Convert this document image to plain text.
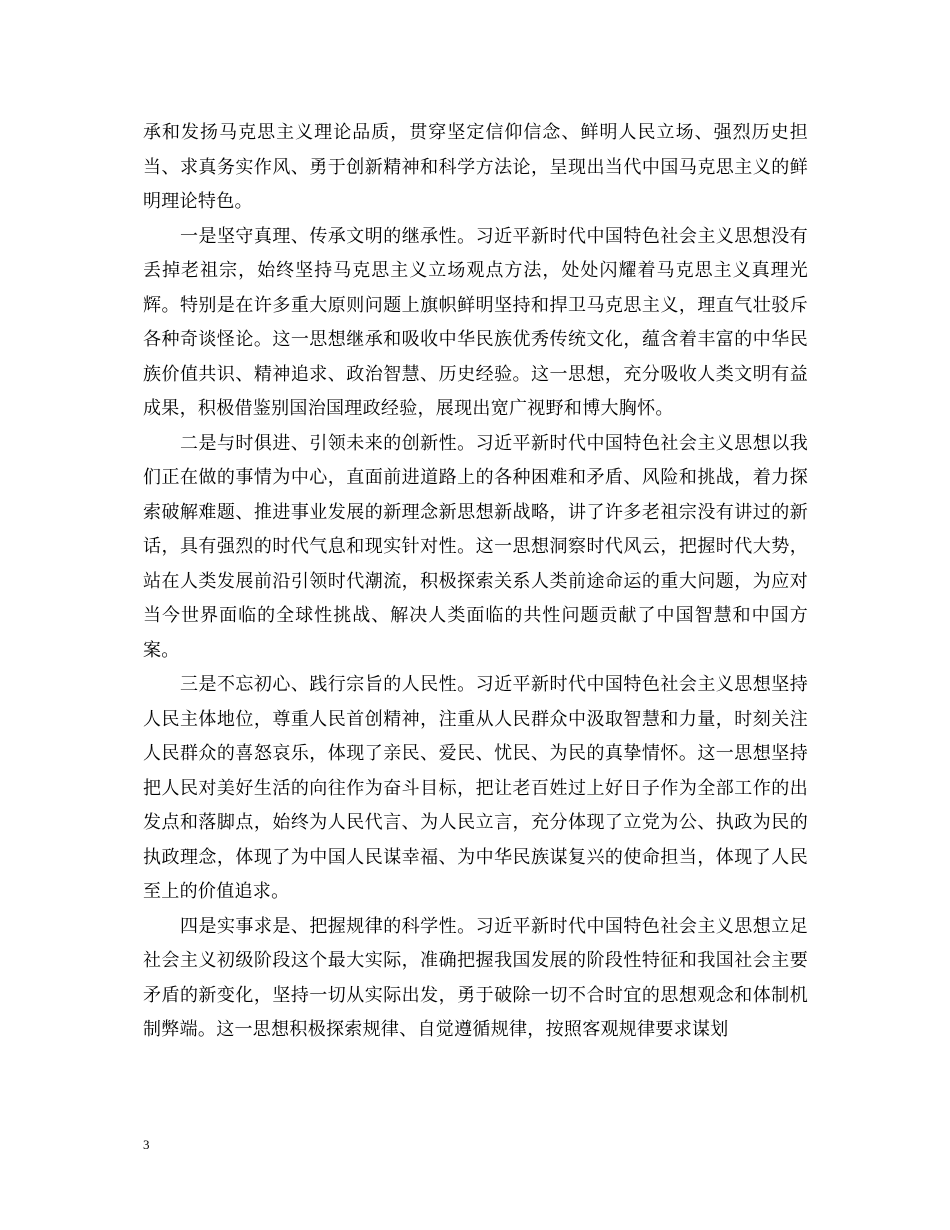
承和发扬马克思主义理论品质，贯穿坚定信仰信念、鲜明人民立场、强烈历史担当、求真务实作风、勇于创新精神和科学方法论，呈现出当代中国马克思主义的鲜明理论特色。

一是坚守真理、传承文明的继承性。习近平新时代中国特色社会主义思想没有丢掉老祖宗，始终坚持马克思主义立场观点方法，处处闪耀着马克思主义真理光辉。特别是在许多重大原则问题上旗帜鲜明坚持和捍卫马克思主义，理直气壮驳斥各种奇谈怪论。这一思想继承和吸收中华民族优秀传统文化，蕴含着丰富的中华民族价值共识、精神追求、政治智慧、历史经验。这一思想，充分吸收人类文明有益成果，积极借鉴别国治国理政经验，展现出宽广视野和博大胸怀。

二是与时俱进、引领未来的创新性。习近平新时代中国特色社会主义思想以我们正在做的事情为中心，直面前进道路上的各种困难和矛盾、风险和挑战，着力探索破解难题、推进事业发展的新理念新思想新战略，讲了许多老祖宗没有讲过的新话，具有强烈的时代气息和现实针对性。这一思想洞察时代风云，把握时代大势，站在人类发展前沿引领时代潮流，积极探索关系人类前途命运的重大问题，为应对当今世界面临的全球性挑战、解决人类面临的共性问题贡献了中国智慧和中国方案。

三是不忘初心、践行宗旨的人民性。习近平新时代中国特色社会主义思想坚持人民主体地位，尊重人民首创精神，注重从人民群众中汲取智慧和力量，时刻关注人民群众的喜怒哀乐，体现了亲民、爱民、忧民、为民的真挚情怀。这一思想坚持把人民对美好生活的向往作为奋斗目标，把让老百姓过上好日子作为全部工作的出发点和落脚点，始终为人民代言、为人民立言，充分体现了立党为公、执政为民的执政理念，体现了为中国人民谋幸福、为中华民族谋复兴的使命担当，体现了人民至上的价值追求。

四是实事求是、把握规律的科学性。习近平新时代中国特色社会主义思想立足社会主义初级阶段这个最大实际，准确把握我国发展的阶段性特征和我国社会主要矛盾的新变化，坚持一切从实际出发，勇于破除一切不合时宜的思想观念和体制机制弊端。这一思想积极探索规律、自觉遵循规律，按照客观规律要求谋划

3
